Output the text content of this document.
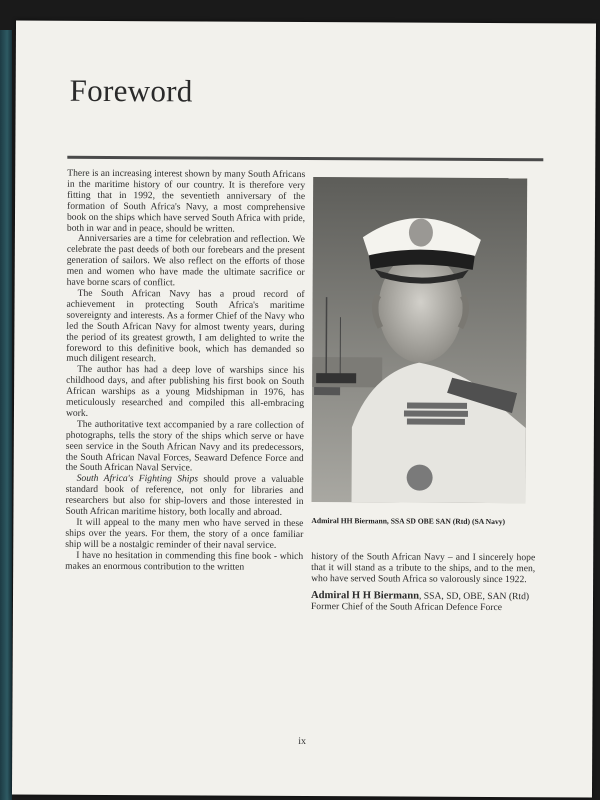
Foreword

There is an increasing interest shown by many South Africans in the maritime history of our country. It is therefore very fitting that in 1992, the seventieth anniversary of the formation of South Africa's Navy, a most comprehensive book on the ships which have served South Africa with pride, both in war and in peace, should be written.

Anniversaries are a time for celebration and reflection. We celebrate the past deeds of both our forebears and the present generation of sailors. We also reflect on the efforts of those men and women who have made the ultimate sacrifice or have borne scars of conflict.

The South African Navy has a proud record of achievement in protecting South Africa's maritime sovereignty and interests. As a former Chief of the Navy who led the South African Navy for almost twenty years, during the period of its greatest growth, I am delighted to write the foreword to this definitive book, which has demanded so much diligent research.

The author has had a deep love of warships since his childhood days, and after publishing his first book on South African warships as a young Midshipman in 1976, has meticulously researched and compiled this all-embracing work.

The authoritative text accompanied by a rare collection of photographs, tells the story of the ships which serve or have seen service in the South African Navy and its predecessors, the South African Naval Forces, Seaward Defence Force and the South African Naval Service.

South Africa's Fighting Ships should prove a valuable standard book of reference, not only for libraries and researchers but also for ship-lovers and those interested in South African maritime history, both locally and abroad.

It will appeal to the many men who have served in these ships over the years. For them, the story of a once familiar ship will be a nostalgic reminder of their naval service.

I have no hesitation in commending this fine book - which makes an enormous contribution to the written

Admiral HH Biermann, SSA SD OBE SAN (Rtd) (SA Navy)

history of the South African Navy – and I sincerely hope that it will stand as a tribute to the ships, and to the men, who have served South Africa so valorously since 1922.

Admiral H H Biermann, SSA, SD, OBE, SAN (Rtd)
Former Chief of the South African Defence Force

ix
